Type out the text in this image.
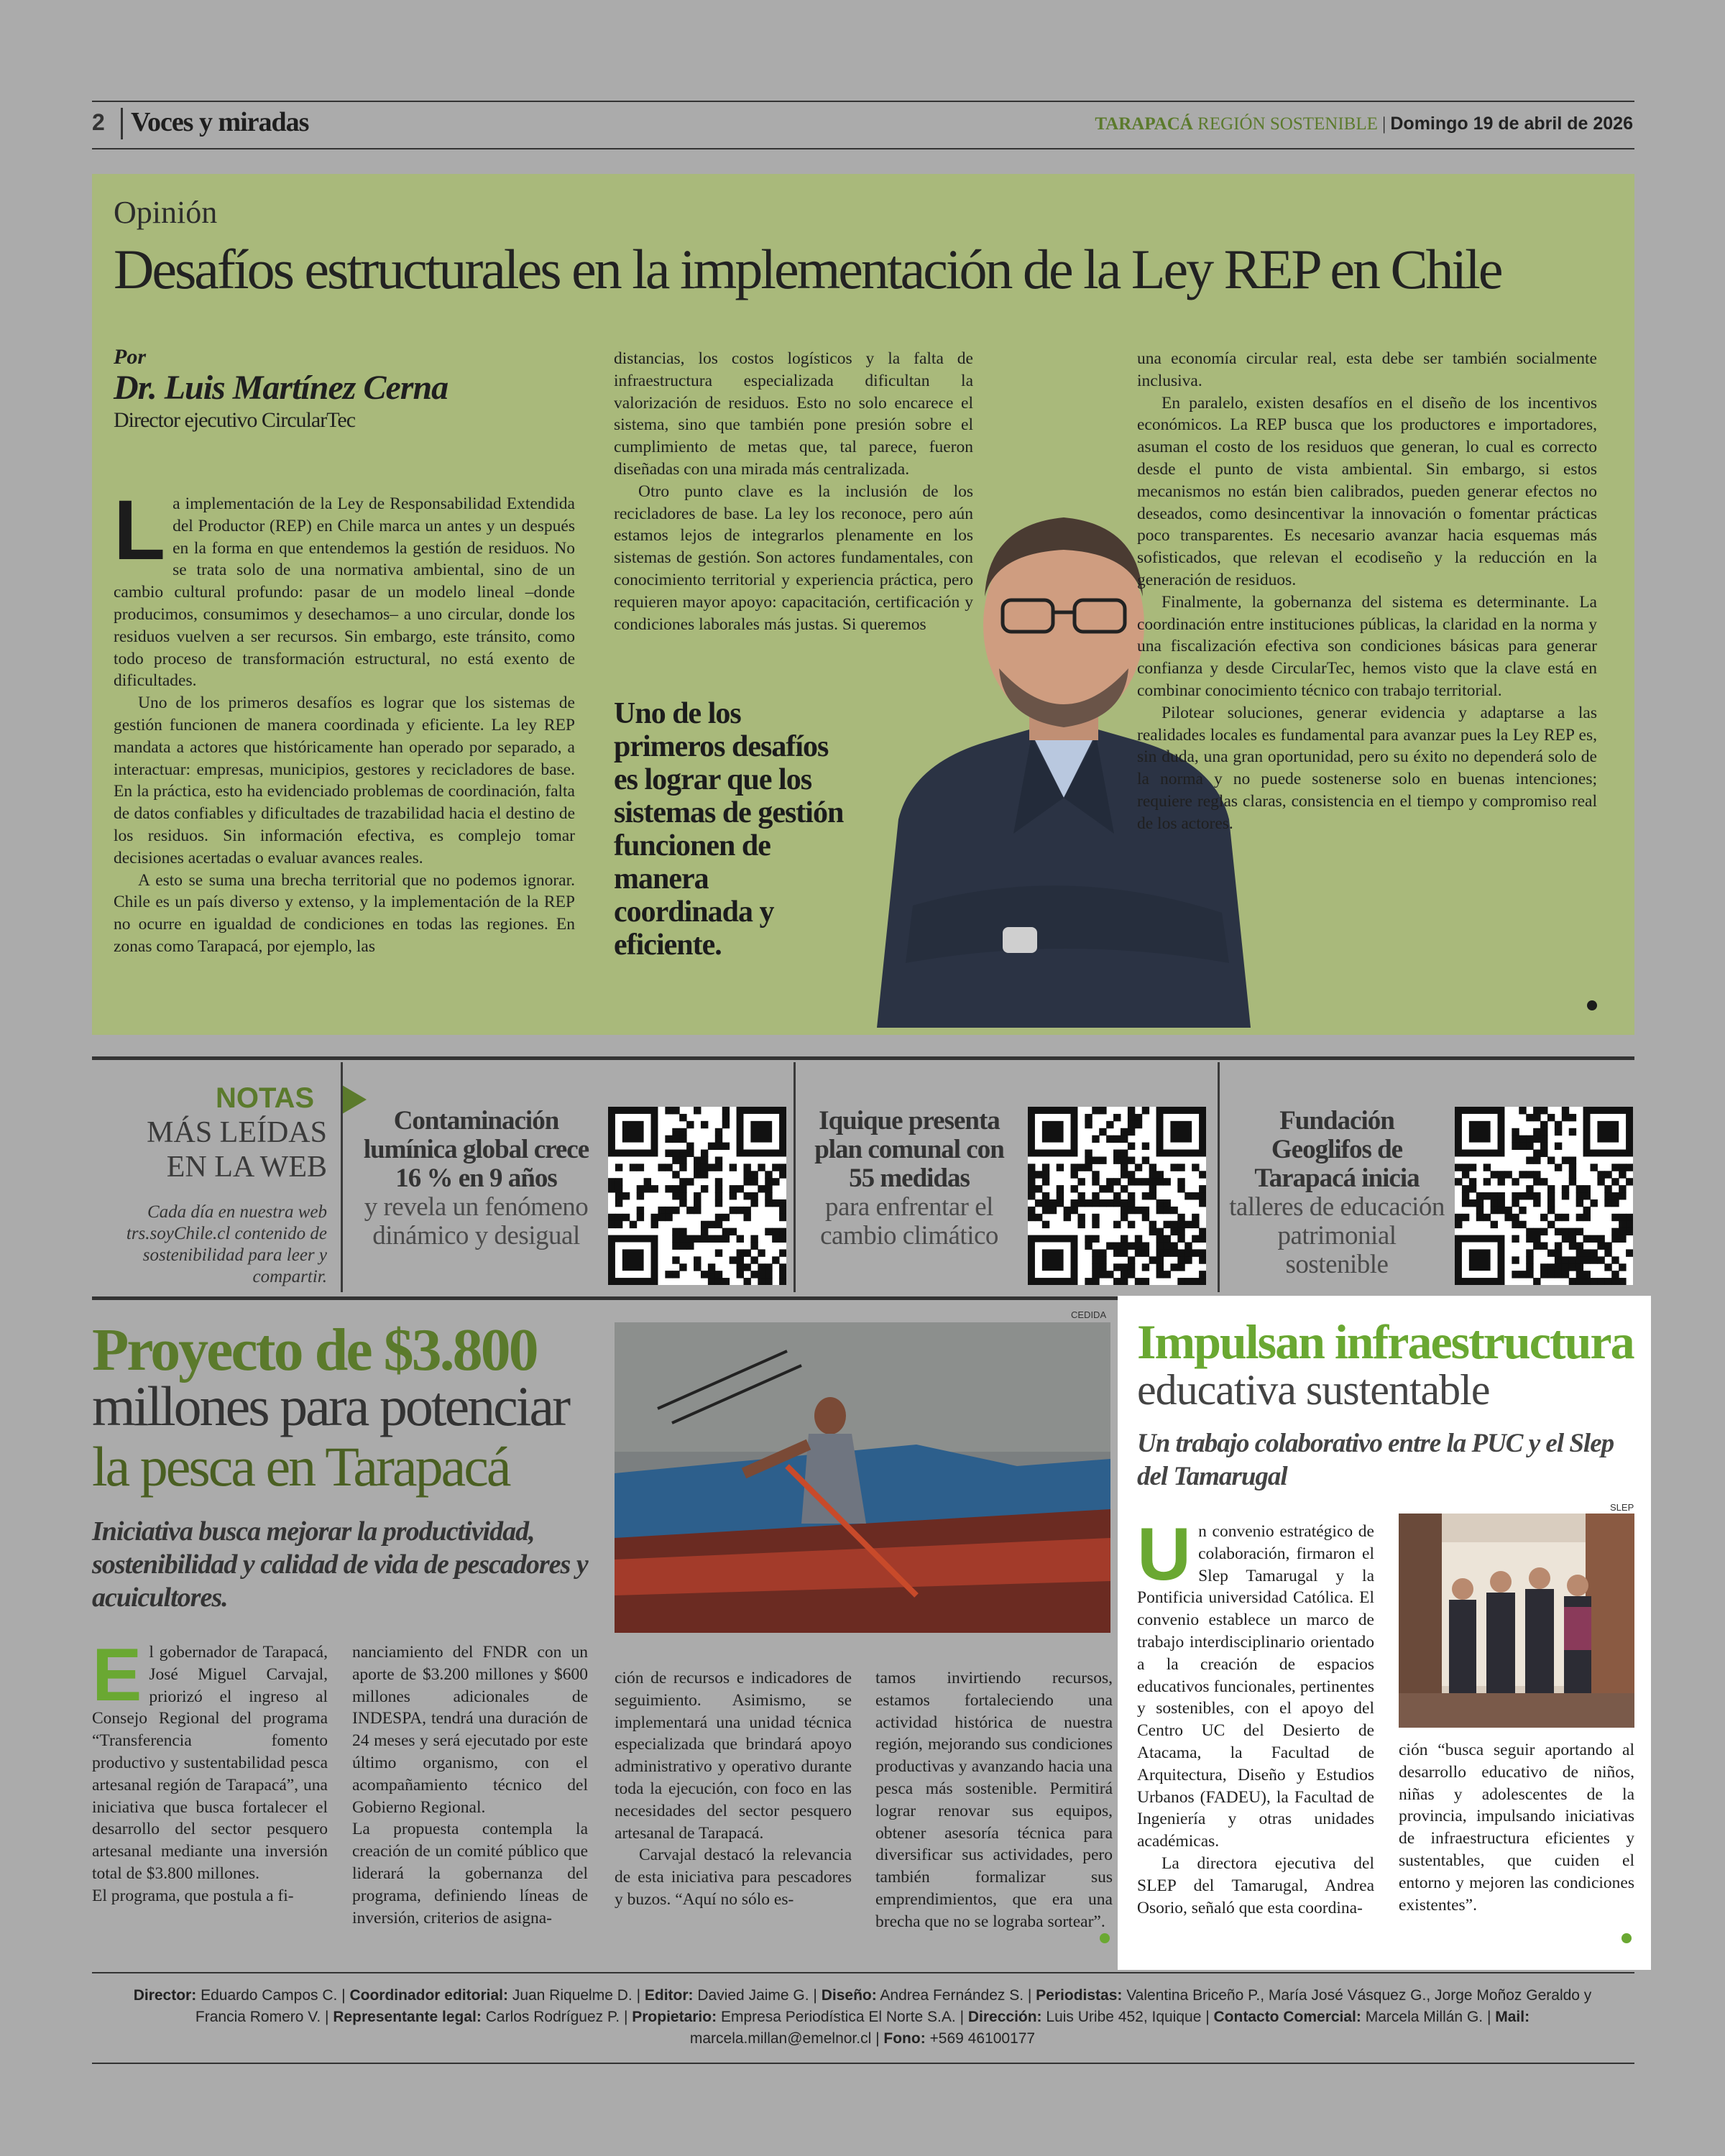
2 Voces y miradas	TARAPACÁ REGIÓN SOSTENIBLE | Domingo 19 de abril de 2026
Opinión
Desafíos estructurales en la implementación de la Ley REP en Chile
Por
Dr. Luis Martínez Cerna
Director ejecutivo CircularTec

La implementación de la Ley de Responsabilidad Extendida del Productor (REP) en Chile marca un antes y un después en la forma en que entendemos la gestión de residuos. No se trata solo de una normativa ambiental, sino de un cambio cultural profundo: pasar de un modelo lineal –donde producimos, consumimos y desechamos– a uno circular, donde los residuos vuelven a ser recursos. Sin embargo, este tránsito, como todo proceso de transformación estructural, no está exento de dificultades.

Uno de los primeros desafíos es lograr que los sistemas de gestión funcionen de manera coordinada y eficiente. La ley REP mandata a actores que históricamente han operado por separado, a interactuar: empresas, municipios, gestores y recicladores de base. En la práctica, esto ha evidenciado problemas de coordinación, falta de datos confiables y dificultades de trazabilidad hacia el destino de los residuos. Sin información efectiva, es complejo tomar decisiones acertadas o evaluar avances reales.

A esto se suma una brecha territorial que no podemos ignorar. Chile es un país diverso y extenso, y la implementación de la REP no ocurre en igualdad de condiciones en todas las regiones. En zonas como Tarapacá, por ejemplo, las

distancias, los costos logísticos y la falta de infraestructura especializada dificultan la valorización de residuos. Esto no solo encarece el sistema, sino que también pone presión sobre el cumplimiento de metas que, tal parece, fueron diseñadas con una mirada más centralizada.

Otro punto clave es la inclusión de los recicladores de base. La ley los reconoce, pero aún estamos lejos de integrarlos plenamente en los sistemas de gestión. Son actores fundamentales, con conocimiento territorial y experiencia práctica, pero requieren mayor apoyo: capacitación, certificación y condiciones laborales más justas. Si queremos

Uno de los primeros desafíos es lograr que los sistemas de gestión funcionen de manera coordinada y eficiente.

una economía circular real, esta debe ser también socialmente inclusiva.

En paralelo, existen desafíos en el diseño de los incentivos económicos. La REP busca que los productores e importadores, asuman el costo de los residuos que generan, lo cual es correcto desde el punto de vista ambiental. Sin embargo, si estos mecanismos no están bien calibrados, pueden generar efectos no deseados, como desincentivar la innovación o fomentar prácticas poco transparentes. Es necesario avanzar hacia esquemas más sofisticados, que relevan el ecodiseño y la reducción en la generación de residuos.

Finalmente, la gobernanza del sistema es determinante. La coordinación entre instituciones públicas, la claridad en la norma y una fiscalización efectiva son condiciones básicas para generar confianza y desde CircularTec, hemos visto que la clave está en combinar conocimiento técnico con trabajo territorial.

Pilotear soluciones, generar evidencia y adaptarse a las realidades locales es fundamental para avanzar pues la Ley REP es, sin duda, una gran oportunidad, pero su éxito no dependerá solo de la norma y no puede sostenerse solo en buenas intenciones; requiere reglas claras, consistencia en el tiempo y compromiso real de los actores.

NOTAS
MÁS LEÍDAS EN LA WEB
Cada día en nuestra web trs.soyChile.cl contenido de sostenibilidad para leer y compartir.
Contaminación lumínica global crece 16 % en 9 años
y revela un fenómeno dinámico y desigual
Iquique presenta plan comunal con 55 medidas
para enfrentar el cambio climático
Fundación Geoglifos de Tarapacá inicia
talleres de educación patrimonial sostenible
Proyecto de $3.800
millones para potenciar
la pesca en Tarapacá
Iniciativa busca mejorar la productividad, sostenibilidad y calidad de vida de pescadores y acuicultores.
CEDIDA

El gobernador de Tarapacá, José Miguel Carvajal, priorizó el ingreso al Consejo Regional del programa “Transferencia fomento productivo y sustentabilidad pesca artesanal región de Tarapacá”, una iniciativa que busca fortalecer el desarrollo del sector pesquero artesanal mediante una inversión total de $3.800 millones.

El programa, que postula a fi-

nanciamiento del FNDR con un aporte de $3.200 millones y $600 millones adicionales de INDESPA, tendrá una duración de 24 meses y será ejecutado por este último organismo, con el acompañamiento técnico del Gobierno Regional.

La propuesta contempla la creación de un comité público que liderará la gobernanza del programa, definiendo líneas de inversión, criterios de asigna-

ción de recursos e indicadores de seguimiento. Asimismo, se implementará una unidad técnica especializada que brindará apoyo administrativo y operativo durante toda la ejecución, con foco en las necesidades del sector pesquero artesanal de Tarapacá.

Carvajal destacó la relevancia de esta iniciativa para pescadores y buzos. “Aquí no sólo es-

tamos invirtiendo recursos, estamos fortaleciendo una actividad histórica de nuestra región, mejorando sus condiciones productivas y avanzando hacia una pesca más sostenible. Permitirá lograr renovar sus equipos, obtener asesoría técnica para diversificar sus actividades, pero también formalizar sus emprendimientos, que era una brecha que no se lograba sortear”.

Impulsan infraestructura
educativa sustentable
Un trabajo colaborativo entre la PUC y el Slep del Tamarugal

Un convenio estratégico de colaboración, firmaron el Slep Tamarugal y la Pontificia universidad Católica. El convenio establece un marco de trabajo interdisciplinario orientado a la creación de espacios educativos funcionales, pertinentes y sostenibles, con el apoyo del Centro UC del Desierto de Atacama, la Facultad de Arquitectura, Diseño y Estudios Urbanos (FADEU), la Facultad de Ingeniería y otras unidades académicas.

La directora ejecutiva del SLEP del Tamarugal, Andrea Osorio, señaló que esta coordina-

SLEP

ción “busca seguir aportando al desarrollo educativo de niños, niñas y adolescentes de la provincia, impulsando iniciativas de infraestructura eficientes y sustentables, que cuiden el entorno y mejoren las condiciones existentes”.

Director: Eduardo Campos C. | Coordinador editorial: Juan Riquelme D. | Editor: Davied Jaime G. | Diseño: Andrea Fernández S. | Periodistas: Valentina Briceño P., María José Vásquez G., Jorge Moñoz Geraldo y Francia Romero V. | Representante legal: Carlos Rodríguez P. | Propietario: Empresa Periodística El Norte S.A. | Dirección: Luis Uribe 452, Iquique | Contacto Comercial: Marcela Millán G. | Mail: marcela.millan@emelnor.cl | Fono: +569 46100177
